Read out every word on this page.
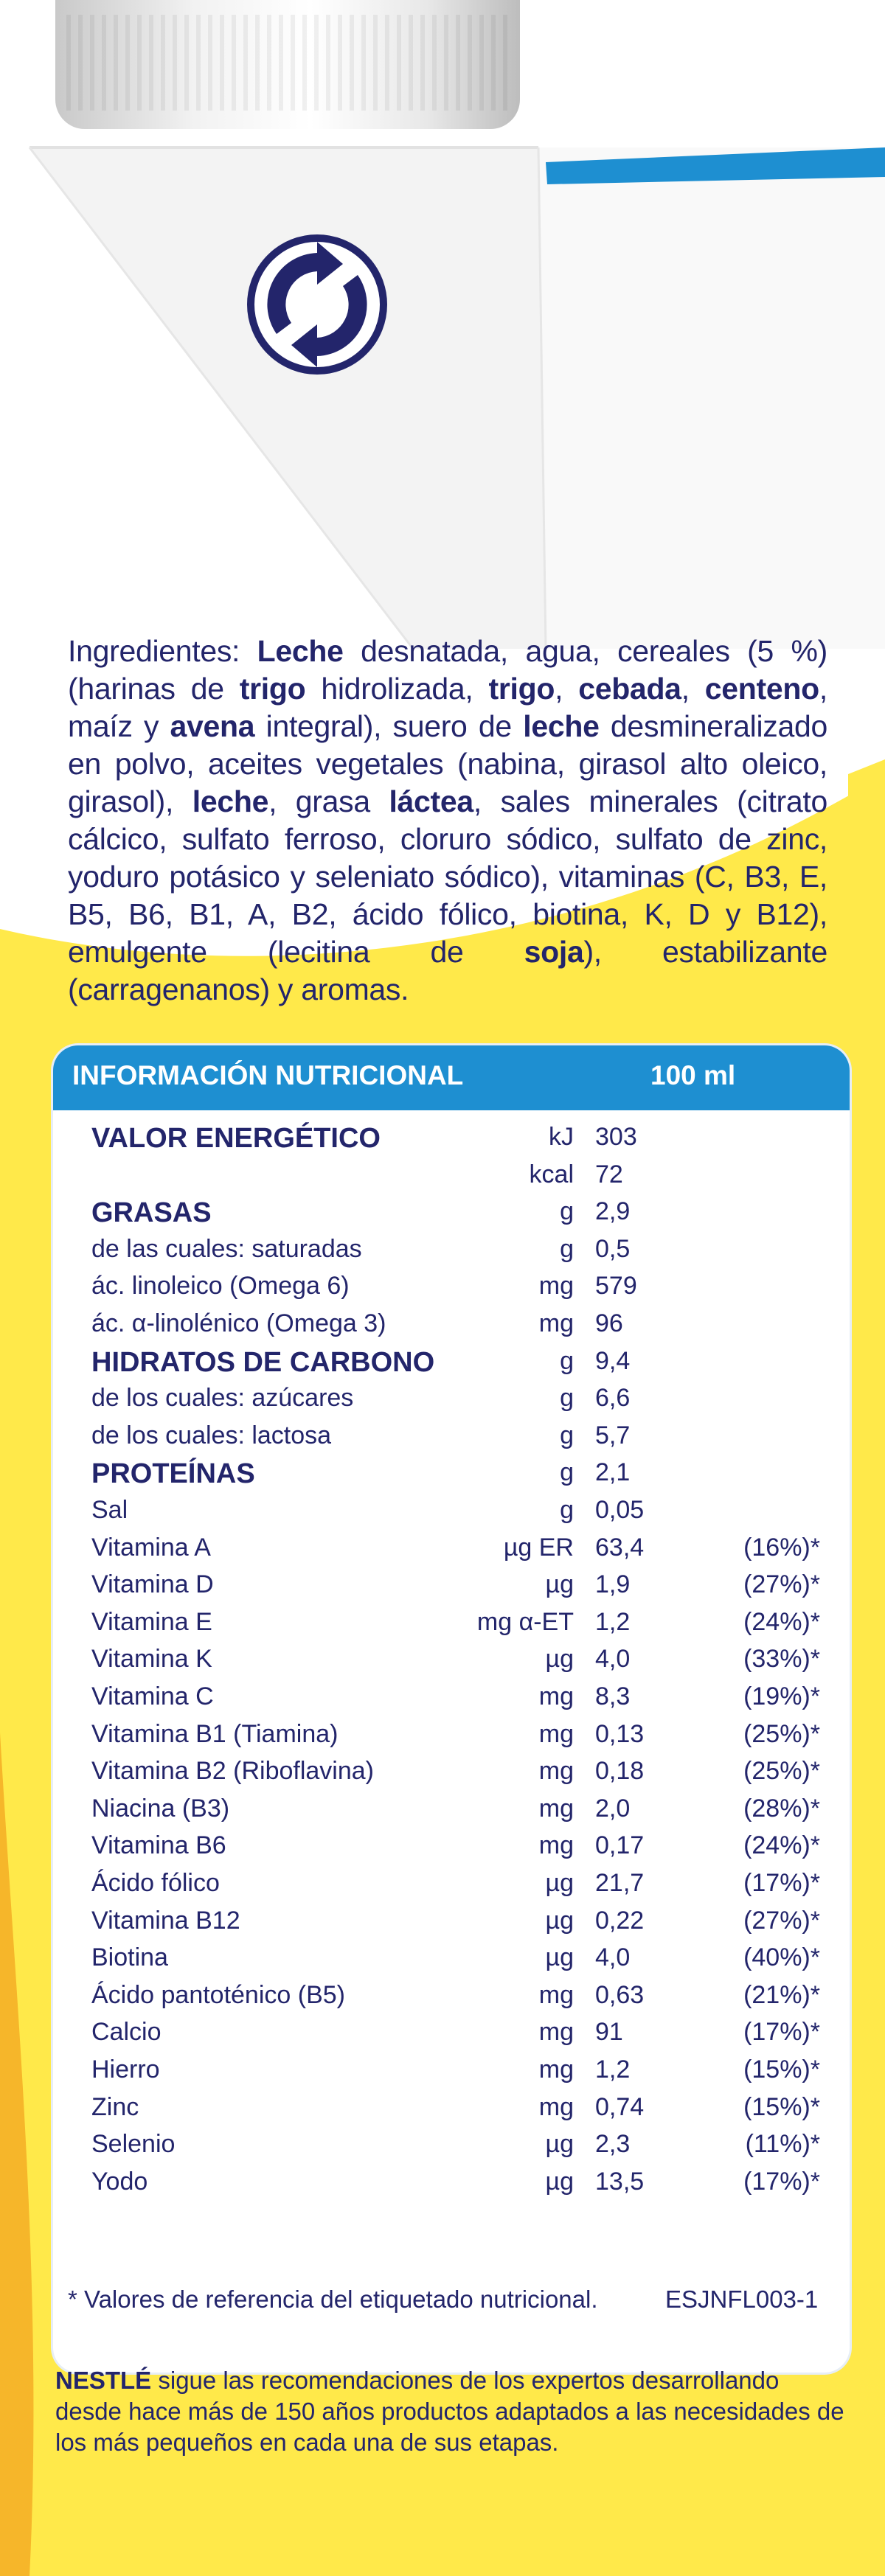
Ingredientes: Leche desnatada, agua, cereales (5 %)(harinas de trigo hidrolizada, trigo, cebada, centeno, maíz y avena integral), suero de leche desmineralizado en polvo, aceites vegetales (nabina, girasol alto oleico, girasol), leche, grasa láctea, sales minerales (citrato cálcico, sulfato ferroso, cloruro sódico, sulfato de zinc, yoduro potásico y seleniato sódico), vitaminas (C, B3, E, B5, B6, B1, A, B2, ácido fólico, biotina, K, D y B12), emulgente (lecitina de soja), estabilizante (carragenanos) y aromas.
INFORMACIÓN NUTRICIONAL	100 ml
VALOR ENERGÉTICO	kJ 303
kcal 72
GRASAS	g 2,9
de las cuales: saturadas	g 0,5
ác. linoleico (Omega 6)	mg 579
ác. α-linolénico (Omega 3)	mg 96
HIDRATOS DE CARBONO	g 9,4
de los cuales: azúcares	g 6,6
de los cuales: lactosa	g 5,7
PROTEÍNAS	g 2,1
Sal	g 0,05
Vitamina A	µg ER 63,4	(16%)*
Vitamina D	µg 1,9	(27%)*
Vitamina E	mg α-ET 1,2	(24%)*
Vitamina K	µg 4,0	(33%)*
Vitamina C	mg 8,3	(19%)*
Vitamina B1 (Tiamina)	mg 0,13	(25%)*
Vitamina B2 (Riboflavina)	mg 0,18	(25%)*
Niacina (B3)	mg 2,0	(28%)*
Vitamina B6	mg 0,17	(24%)*
Ácido fólico	µg 21,7	(17%)*
Vitamina B12	µg 0,22	(27%)*
Biotina	µg 4,0	(40%)*
Ácido pantoténico (B5)	mg 0,63	(21%)*
Calcio	mg 91	(17%)*
Hierro	mg 1,2	(15%)*
Zinc	mg 0,74	(15%)*
Selenio	µg 2,3	(11%)*
Yodo	µg 13,5	(17%)*
* Valores de referencia del etiquetado nutricional.	ESJNFL003-1
NESTLÉ sigue las recomendaciones de los expertos desarrollando desde hace más de 150 años productos adaptados a las necesidades de los más pequeños en cada una de sus etapas.
